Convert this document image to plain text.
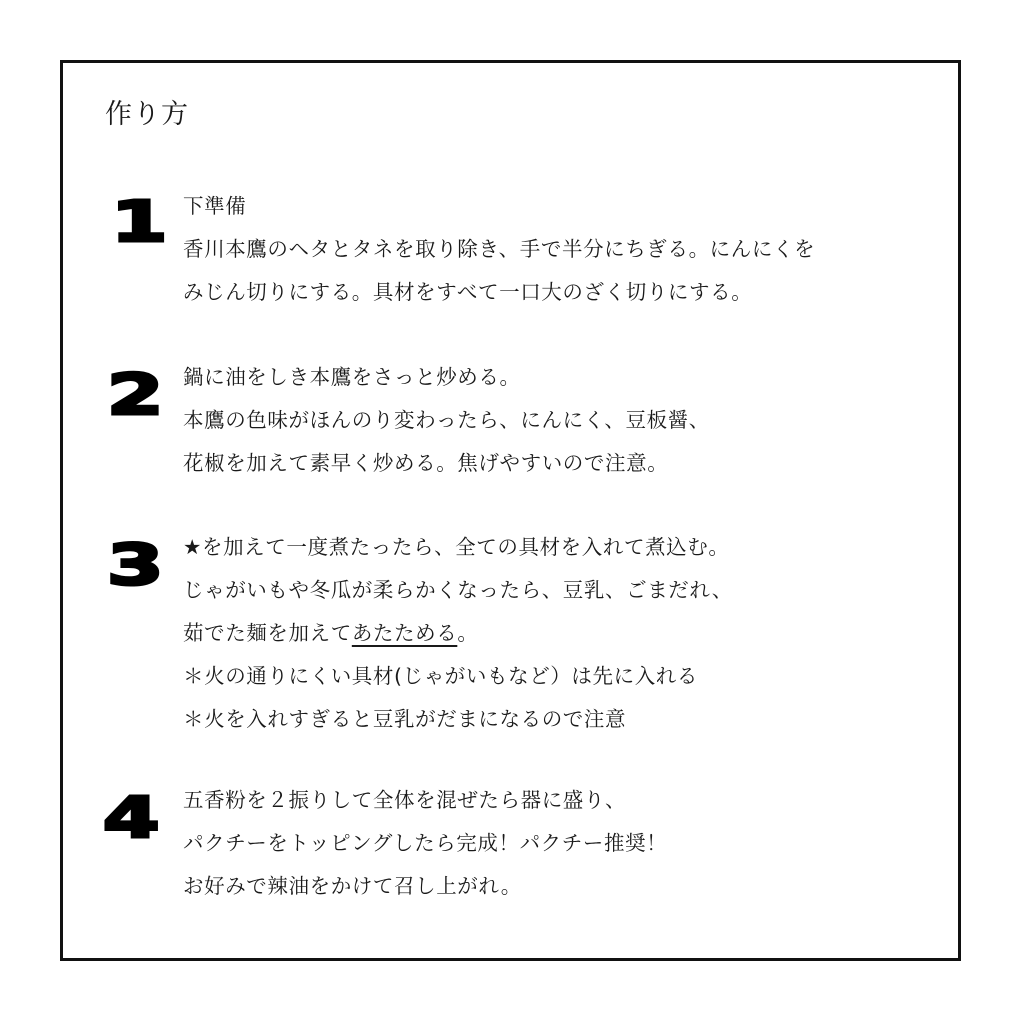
作り方
1 下準備
香川本鷹のヘタとタネを取り除き、手で半分にちぎる。にんにくを
みじん切りにする。具材をすべて一口大のざく切りにする。
2 鍋に油をしき本鷹をさっと炒める。
本鷹の色味がほんのり変わったら、にんにく、豆板醤、
花椒を加えて素早く炒める。焦げやすいので注意。
3 ★を加えて一度煮たったら、全ての具材を入れて煮込む。
じゃがいもや冬瓜が柔らかくなったら、豆乳、ごまだれ、
茹でた麺を加えてあたためる。
＊火の通りにくい具材(じゃがいもなど）は先に入れる
＊火を入れすぎると豆乳がだまになるので注意
4 五香粉を２振りして全体を混ぜたら器に盛り、
パクチーをトッピングしたら完成！パクチー推奨！
お好みで辣油をかけて召し上がれ。
